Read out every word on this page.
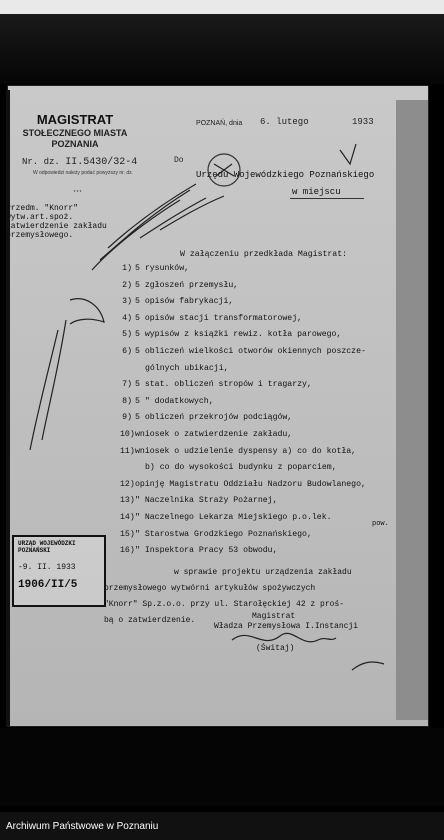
MAGISTRAT
STOŁECZNEGO MIASTA
POZNANIA
Nr. dz. II.5430/32-4
W odpowiedzi należy podać powyższy nr. dz.
***
POZNAŃ, dnia 6. lutego	1933
Do
Urzędu Wojewódzkiego Poznańskiego
w miejscu
Przedm. "Knorr"
wytw.art.spoż.
zatwierdzenie zakładu
przemysłowego.
W załączeniu przedkłada Magistrat:
1) 5 rysunków,
2) 5 zgłoszeń przemysłu,
3) 5 opisów fabrykacji,
4) 5 opisów stacji transformatorowej,
5) 5 wypisów z książki rewiz. kotła parowego,
6) 5 obliczeń wielkości otworów okiennych poszcze-
gólnych ubikacji,
7) 5 stat. obliczeń stropów i tragarzy,
8) 5 " dodatkowych,
9) 5 obliczeń przekrojów podciągów,
10)wniosek o zatwierdzenie zakładu,
11)wniosek o udzielenie dyspensy a) co do kotła,
b) co do wysokości budynku z poparciem,
12)opinję Magistratu Oddziału Nadzoru Budowlanego,
13)" Naczelnika Straży Pożarnej,
14)" Naczelnego Lekarza Miejskiego p.o.lek.
pow.
15)" Starostwa Grodzkiego Poznańskiego,
16)" Inspektora Pracy 53 obwodu,
w sprawie projektu urządzenia zakładu
przemysłowego wytwórni artykułów spożywczych
"Knorr" Sp.z.o.o. przy ul. Starołęckiej 42 z proś-
bą o zatwierdzenie.	Magistrat
Władza Przemysłowa I.Instancji
(Świtaj)
URZĄD WOJEWÓDZKI POZNAŃSKI
-9. II. 1933
1906/II/5
Archiwum Państwowe w Poznaniu
